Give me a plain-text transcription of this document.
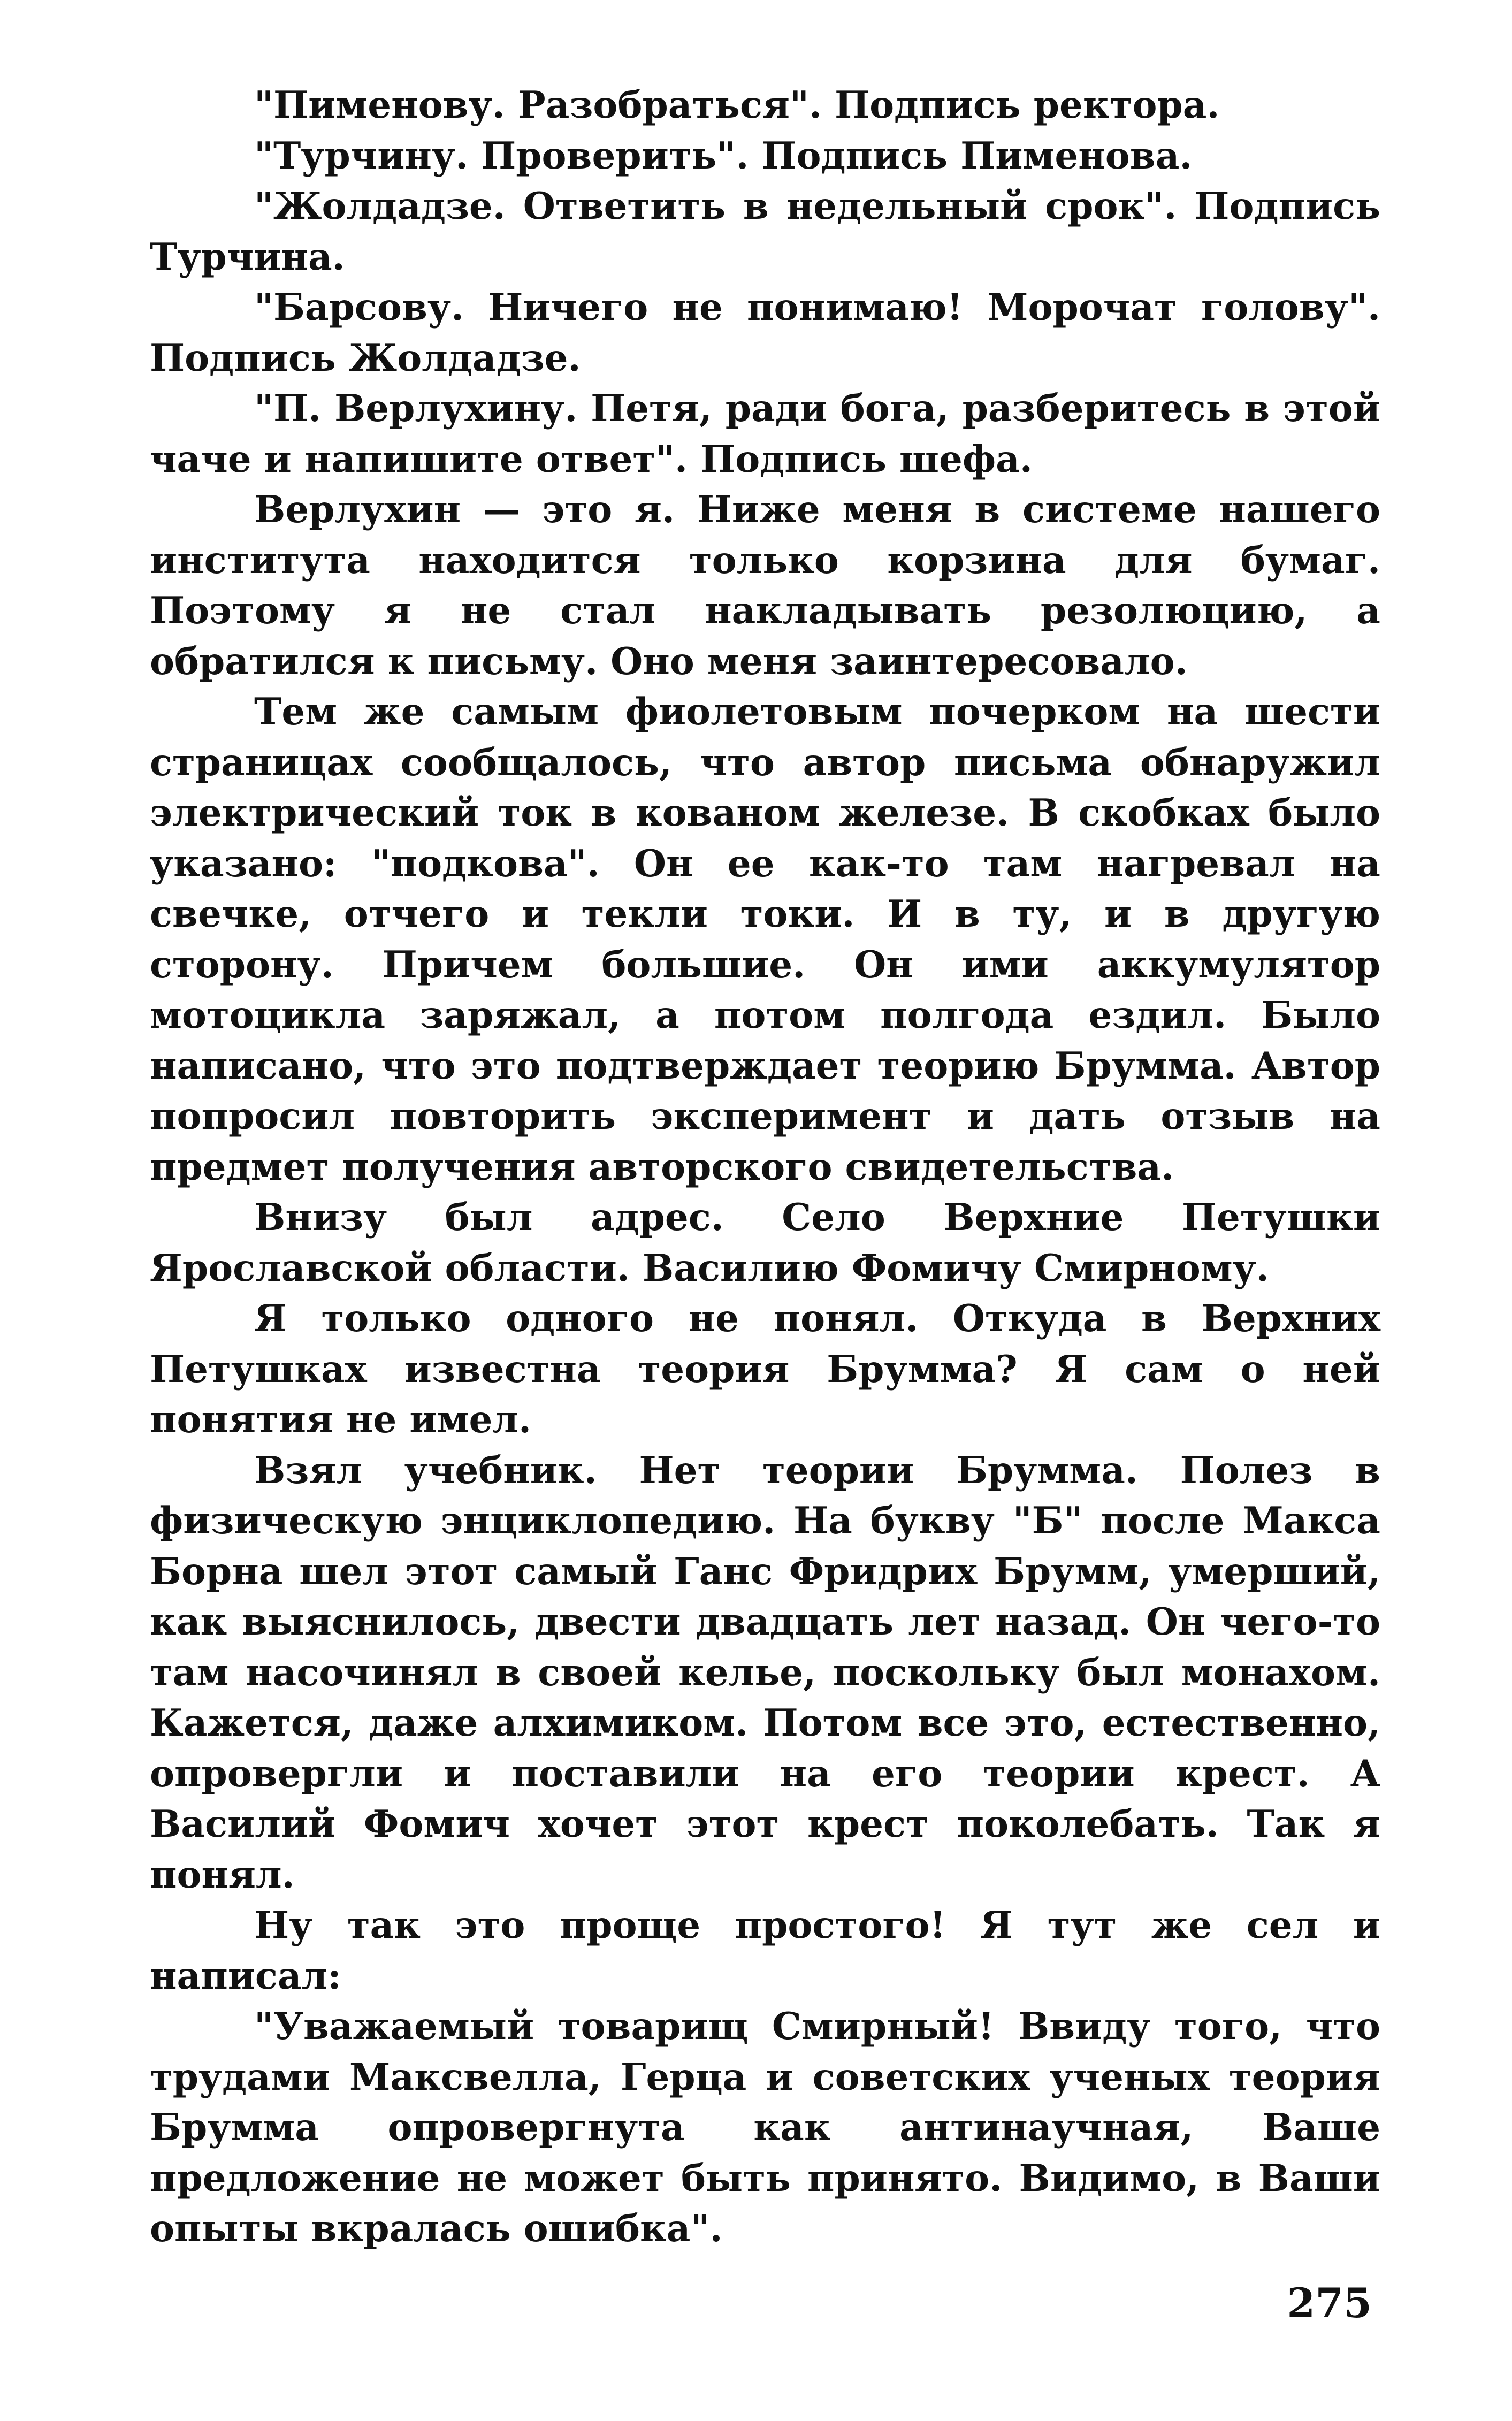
"Пименову. Разобраться". Подпись ректора.

"Турчину. Проверить". Подпись Пименова.

"Жолдадзе. Ответить в недельный срок". Подпись Турчина.

"Барсову. Ничего не понимаю! Морочат голову". Подпись Жолдадзе.

"П. Верлухину. Петя, ради бога, разберитесь в этой чаче и напишите ответ". Подпись шефа.

Верлухин — это я. Ниже меня в системе нашего института находится только корзина для бумаг. Поэтому я не стал накладывать резолюцию, а обратился к письму. Оно меня заинтересовало.

Тем же самым фиолетовым почерком на шести страницах сообщалось, что автор письма обнаружил электрический ток в кованом железе. В скобках было указано: "подкова". Он ее как-то там нагревал на свечке, отчего и текли токи. И в ту, и в другую сторону. Причем большие. Он ими аккумулятор мотоцикла заряжал, а потом полгода ездил. Было написано, что это подтверждает теорию Брумма. Автор попросил повторить эксперимент и дать отзыв на предмет получения авторского свидетельства.

Внизу был адрес. Село Верхние Петушки Ярославской области. Василию Фомичу Смирному.

Я только одного не понял. Откуда в Верхних Петушках известна теория Брумма? Я сам о ней понятия не имел.

Взял учебник. Нет теории Брумма. Полез в физическую энциклопедию. На букву "Б" после Макса Борна шел этот самый Ганс Фридрих Брумм, умерший, как выяснилось, двести двадцать лет назад. Он чего-то там насочинял в своей келье, поскольку был монахом. Кажется, даже алхимиком. Потом все это, естественно, опровергли и поставили на его теории крест. А Василий Фомич хочет этот крест поколебать. Так я понял.

Ну так это проще простого! Я тут же сел и написал:

"Уважаемый товарищ Смирный! Ввиду того, что трудами Максвелла, Герца и советских ученых теория Брумма опровергнута как антинаучная, Ваше предложение не может быть принято. Видимо, в Ваши опыты вкралась ошибка".

275
